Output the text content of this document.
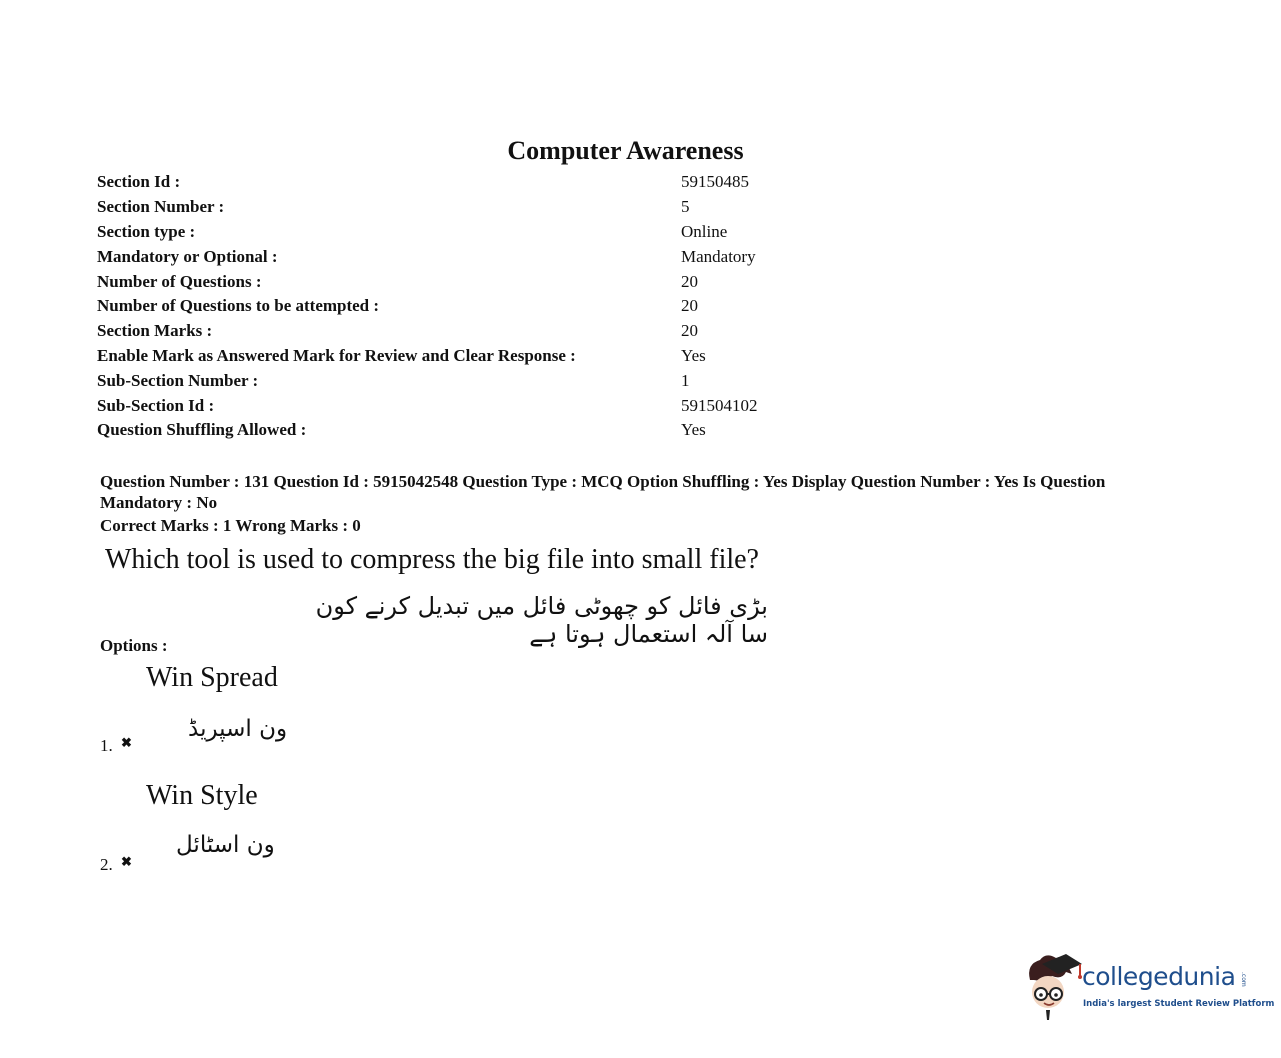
Computer Awareness
Section Id :	59150485
Section Number :	5
Section type :	Online
Mandatory or Optional :	Mandatory
Number of Questions :	20
Number of Questions to be attempted :	20
Section Marks :	20
Enable Mark as Answered Mark for Review and Clear Response :	Yes
Sub-Section Number :	1
Sub-Section Id :	591504102
Question Shuffling Allowed :	Yes
Question Number : 131 Question Id : 5915042548 Question Type : MCQ Option Shuffling : Yes Display Question Number : Yes Is Question Mandatory : No
Correct Marks : 1 Wrong Marks : 0
Which tool is used to compress the big file into small file?
بڑی فائل کو چھوٹی فائل میں تبدیل کرنے کون سا آلہ استعمال ہوتا ہے
Options :
Win Spread
ون اسپریڈ
1. ✖
Win Style
ون اسٹائل
2. ✖
collegedunia .com
India's largest Student Review Platform
